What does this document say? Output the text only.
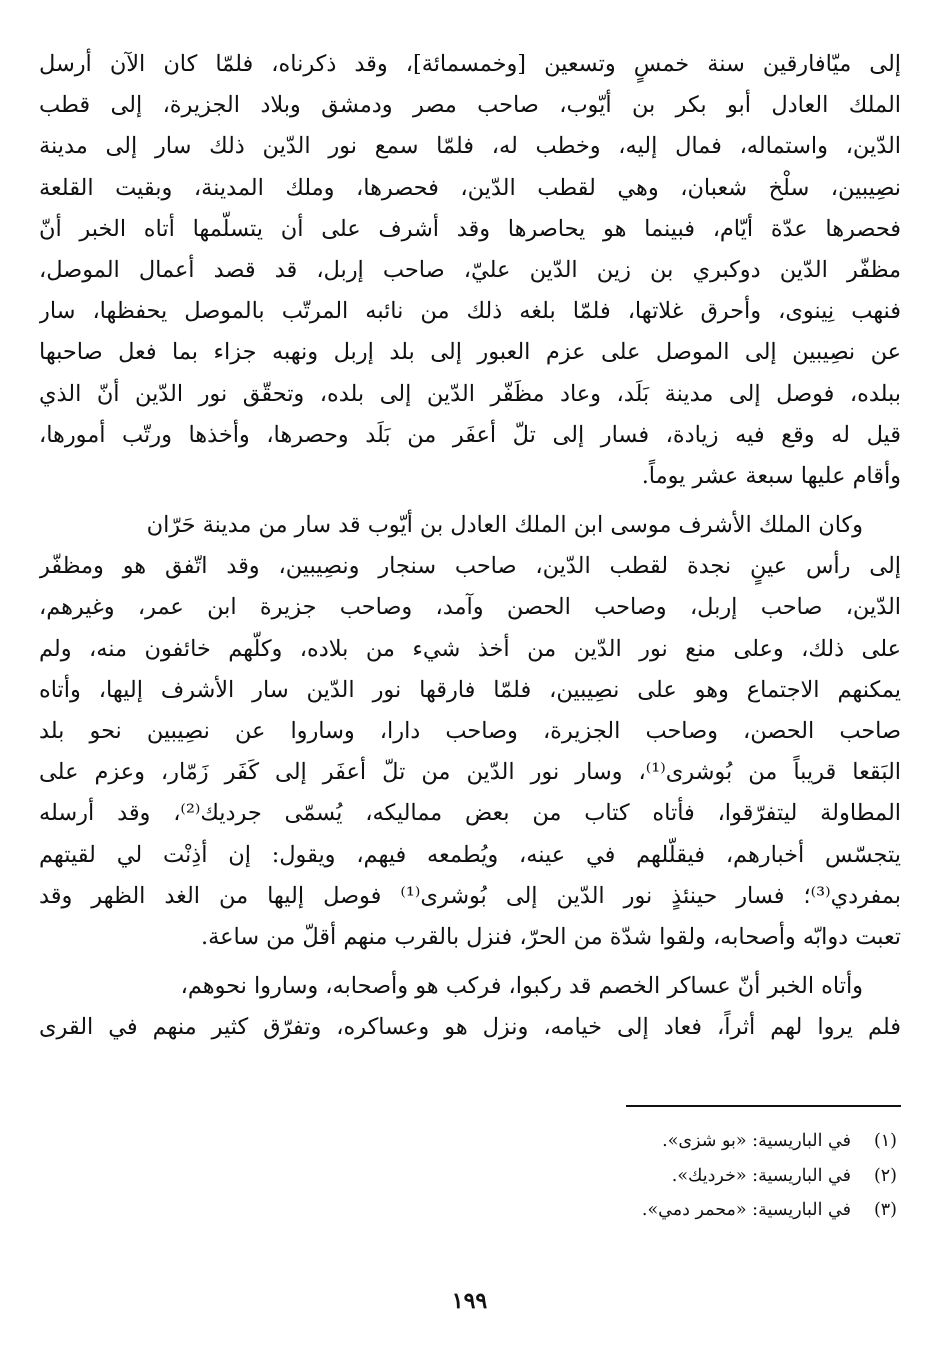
إلى ميّافارقين سنة خمسٍ وتسعين [وخمسمائة]، وقد ذكرناه، فلمّا كان الآن أرسل
الملك العادل أبو بكر بن أيّوب، صاحب مصر ودمشق وبلاد الجزيرة، إلى قطب
الدّين، واستماله، فمال إليه، وخطب له، فلمّا سمع نور الدّين ذلك سار إلى مدينة
نصِيبين، سلْخ شعبان، وهي لقطب الدّين، فحصرها، وملك المدينة، وبقيت القلعة
فحصرها عدّة أيّام، فبينما هو يحاصرها وقد أشرف على أن يتسلّمها أتاه الخبر أنّ
مظفّر الدّين دوكبري بن زين الدّين عليّ، صاحب إربل، قد قصد أعمال الموصل،
فنهب نِينوى، وأحرق غلاتها، فلمّا بلغه ذلك من نائبه المرتّب بالموصل يحفظها، سار
عن نصِيبين إلى الموصل على عزم العبور إلى بلد إربل ونهبه جزاء بما فعل صاحبها
ببلده، فوصل إلى مدينة بَلَد، وعاد مظَفّر الدّين إلى بلده، وتحقّق نور الدّين أنّ الذي
قيل له وقع فيه زيادة، فسار إلى تلّ أعفَر من بَلَد وحصرها، وأخذها ورتّب أمورها،
وأقام عليها سبعة عشر يوماً.
وكان الملك الأشرف موسى ابن الملك العادل بن أيّوب قد سار من مدينة حَرّان
إلى رأس عينٍ نجدة لقطب الدّين، صاحب سنجار ونصِيبين، وقد اتّفق هو ومظفّر
الدّين، صاحب إربل، وصاحب الحصن وآمد، وصاحب جزيرة ابن عمر، وغيرهم،
على ذلك، وعلى منع نور الدّين من أخذ شيء من بلاده، وكلّهم خائفون منه، ولم
يمكنهم الاجتماع وهو على نصِيبين، فلمّا فارقها نور الدّين سار الأشرف إليها، وأتاه
صاحب الحصن، وصاحب الجزيرة، وصاحب دارا، وساروا عن نصِيبين نحو بلد
البَقعا قريباً من بُوشرى⁽¹⁾، وسار نور الدّين من تلّ أعفَر إلى كَفَر زَمّار، وعزم على
المطاولة ليتفرّقوا، فأتاه كتاب من بعض مماليكه، يُسمّى جرديك⁽²⁾، وقد أرسله
يتجسّس أخبارهم، فيقلّلهم في عينه، ويُطمعه فيهم، ويقول: إن أذِنْت لي لقيتهم
بمفردي⁽³⁾؛ فسار حينئذٍ نور الدّين إلى بُوشرى⁽¹⁾ فوصل إليها من الغد الظهر وقد
تعبت دوابّه وأصحابه، ولقوا شدّة من الحرّ، فنزل بالقرب منهم أقلّ من ساعة.
وأتاه الخبر أنّ عساكر الخصم قد ركبوا، فركب هو وأصحابه، وساروا نحوهم،
فلم يروا لهم أثراً، فعاد إلى خيامه، ونزل هو وعساكره، وتفرّق كثير منهم في القرى
(١)في الباريسية: «بو شزى».
(٢)في الباريسية: «خرديك».
(٣)في الباريسية: «محمر دمي».
١٩٩
